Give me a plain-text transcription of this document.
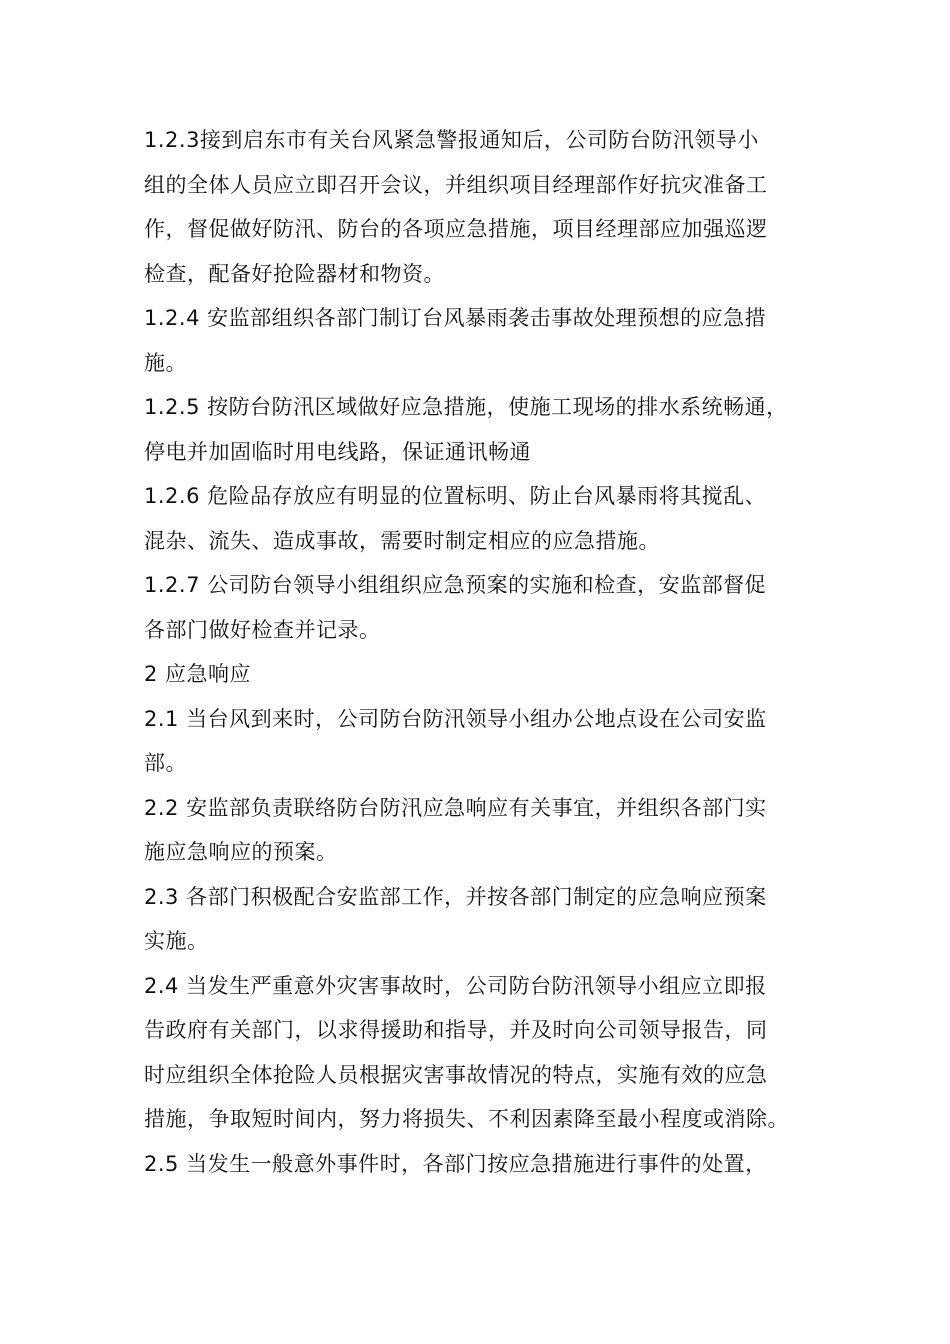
1.2.3接到启东市有关台风紧急警报通知后，公司防台防汛领导小
组的全体人员应立即召开会议，并组织项目经理部作好抗灾准备工
作，督促做好防汛、防台的各项应急措施，项目经理部应加强巡逻
检查，配备好抢险器材和物资。
1.2.4 安监部组织各部门制订台风暴雨袭击事故处理预想的应急措
施。
1.2.5 按防台防汛区域做好应急措施，使施工现场的排水系统畅通，
停电并加固临时用电线路，保证通讯畅通
1.2.6 危险品存放应有明显的位置标明、防止台风暴雨将其搅乱、
混杂、流失、造成事故，需要时制定相应的应急措施。
1.2.7 公司防台领导小组组织应急预案的实施和检查，安监部督促
各部门做好检查并记录。
2 应急响应
2.1 当台风到来时，公司防台防汛领导小组办公地点设在公司安监
部。
2.2 安监部负责联络防台防汛应急响应有关事宜，并组织各部门实
施应急响应的预案。
2.3 各部门积极配合安监部工作，并按各部门制定的应急响应预案
实施。
2.4 当发生严重意外灾害事故时，公司防台防汛领导小组应立即报
告政府有关部门，以求得援助和指导，并及时向公司领导报告，同
时应组织全体抢险人员根据灾害事故情况的特点，实施有效的应急
措施，争取短时间内，努力将损失、不利因素降至最小程度或消除。
2.5 当发生一般意外事件时，各部门按应急措施进行事件的处置，
